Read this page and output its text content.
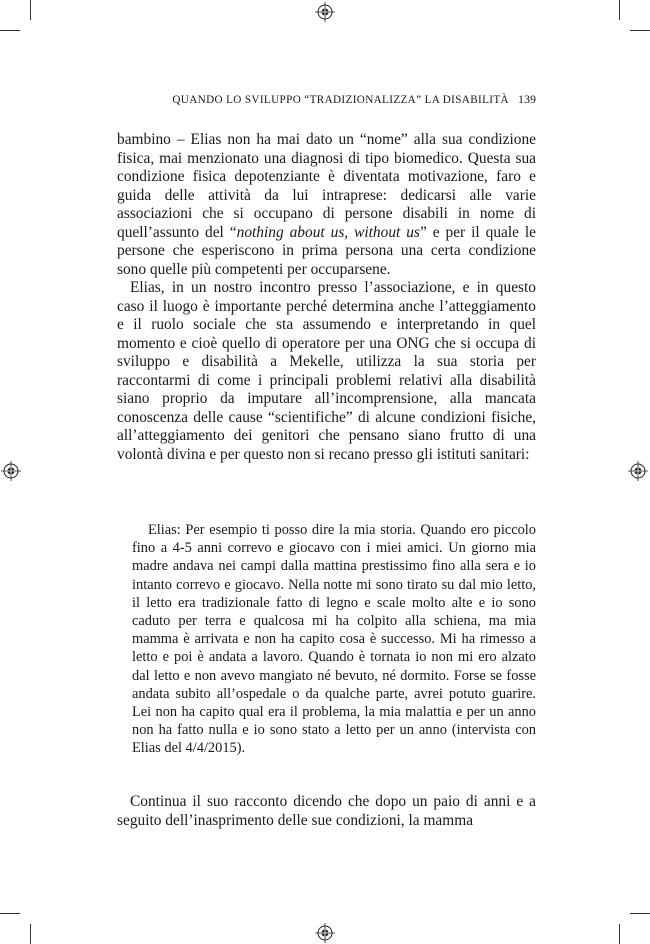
QUANDO LO SVILUPPO “TRADIZIONALIZZA” LA DISABILITÀ 139

bambino – Elias non ha mai dato un “nome” alla sua condizione fisica, mai menzionato una diagnosi di tipo biomedico. Questa sua condizione fisica depotenziante è diventata motivazione, faro e guida delle attività da lui intraprese: dedicarsi alle varie associazioni che si occupano di persone disabili in nome di quell’assunto del “nothing about us, without us” e per il quale le persone che esperiscono in prima persona una certa condizione sono quelle più competenti per occuparsene.

Elias, in un nostro incontro presso l’associazione, e in questo caso il luogo è importante perché determina anche l’atteggiamento e il ruolo sociale che sta assumendo e interpretando in quel momento e cioè quello di operatore per una ONG che si occupa di sviluppo e disabilità a Mekelle, utilizza la sua storia per raccontarmi di come i principali problemi relativi alla disabilità siano proprio da imputare all’incomprensione, alla mancata conoscenza delle cause “scientifiche” di alcune condizioni fisiche, all’atteggiamento dei genitori che pensano siano frutto di una volontà divina e per questo non si recano presso gli istituti sanitari:

Elias: Per esempio ti posso dire la mia storia. Quando ero piccolo fino a 4-5 anni correvo e giocavo con i miei amici. Un giorno mia madre andava nei campi dalla mattina prestissimo fino alla sera e io intanto correvo e giocavo. Nella notte mi sono tirato su dal mio letto, il letto era tradizionale fatto di legno e scale molto alte e io sono caduto per terra e qualcosa mi ha colpito alla schiena, ma mia mamma è arrivata e non ha capito cosa è successo. Mi ha rimesso a letto e poi è andata a lavoro. Quando è tornata io non mi ero alzato dal letto e non avevo mangiato né bevuto, né dormito. Forse se fosse andata subito all’ospedale o da qualche parte, avrei potuto guarire. Lei non ha capito qual era il problema, la mia malattia e per un anno non ha fatto nulla e io sono stato a letto per un anno (intervista con Elias del 4/4/2015).

Continua il suo racconto dicendo che dopo un paio di anni e a seguito dell’inasprimento delle sue condizioni, la mamma
